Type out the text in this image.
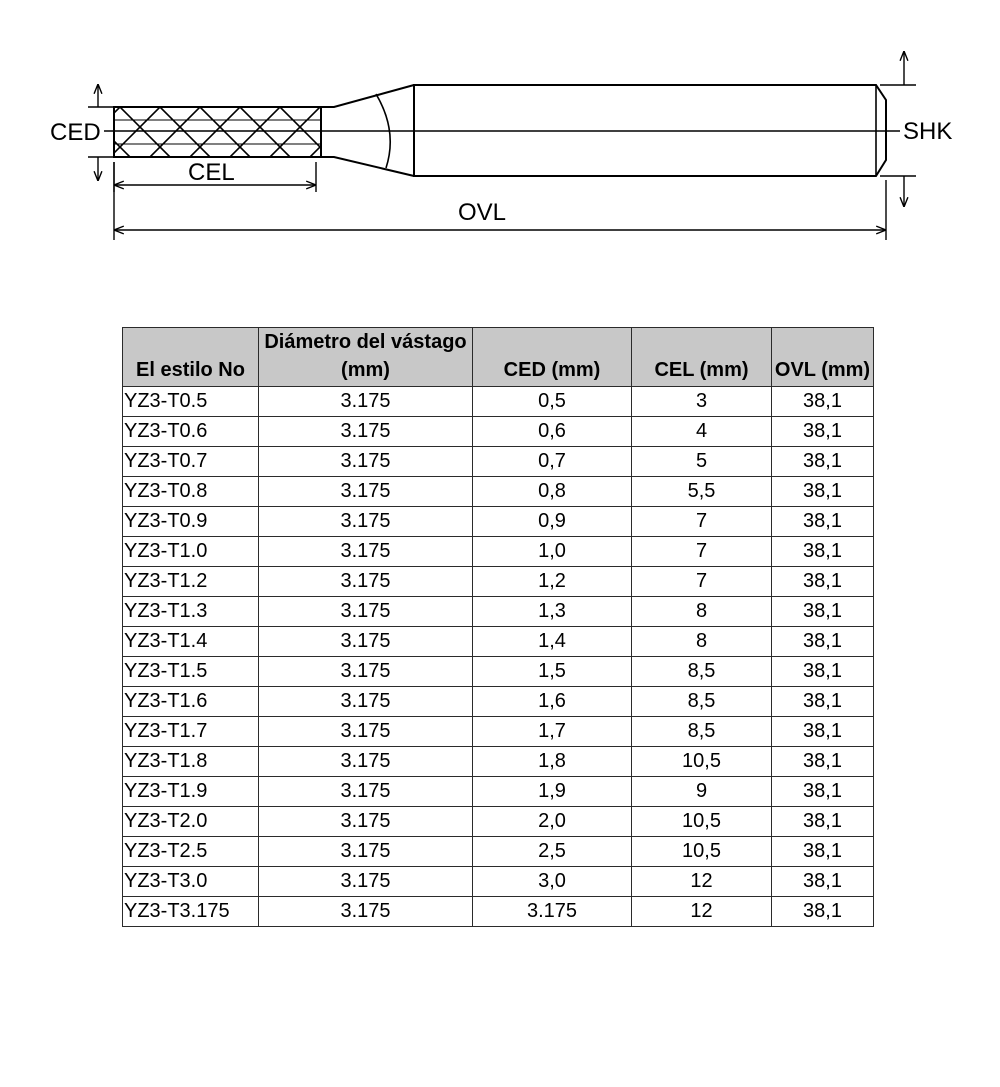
CED
CEL
OVL
SHK
El estilo No	Diámetro del vástago (mm)	CED (mm)	CEL (mm)	OVL (mm)
YZ3-T0.5	3.175	0,5	3	38,1
YZ3-T0.6	3.175	0,6	4	38,1
YZ3-T0.7	3.175	0,7	5	38,1
YZ3-T0.8	3.175	0,8	5,5	38,1
YZ3-T0.9	3.175	0,9	7	38,1
YZ3-T1.0	3.175	1,0	7	38,1
YZ3-T1.2	3.175	1,2	7	38,1
YZ3-T1.3	3.175	1,3	8	38,1
YZ3-T1.4	3.175	1,4	8	38,1
YZ3-T1.5	3.175	1,5	8,5	38,1
YZ3-T1.6	3.175	1,6	8,5	38,1
YZ3-T1.7	3.175	1,7	8,5	38,1
YZ3-T1.8	3.175	1,8	10,5	38,1
YZ3-T1.9	3.175	1,9	9	38,1
YZ3-T2.0	3.175	2,0	10,5	38,1
YZ3-T2.5	3.175	2,5	10,5	38,1
YZ3-T3.0	3.175	3,0	12	38,1
YZ3-T3.175	3.175	3.175	12	38,1
